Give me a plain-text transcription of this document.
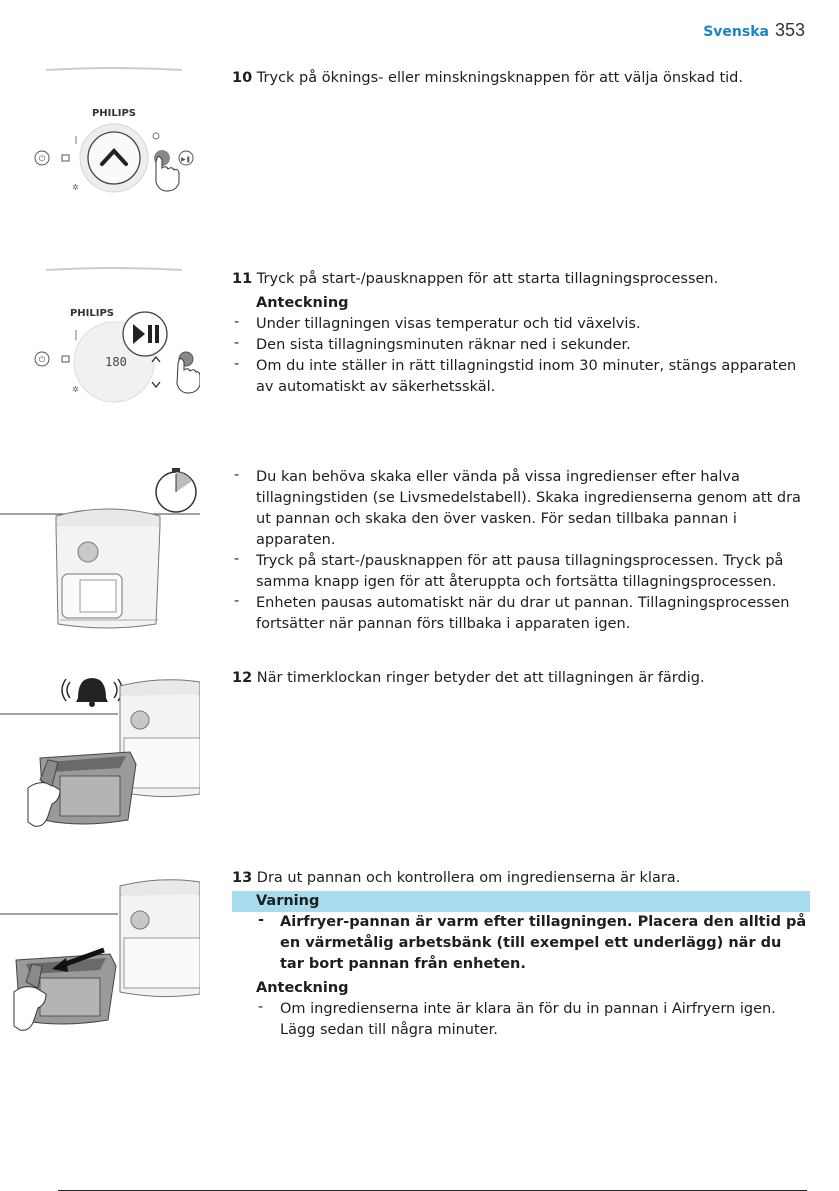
Svenska 353
PHILIPS
⏻	▶❚
✲
10 Tryck på öknings- eller minskningsknappen för att välja önskad tid.
PHILIPS
180
⏻
✲
11 Tryck på start-/pausknappen för att starta tillagningsprocessen.
Anteckning
- Under tillagningen visas temperatur och tid växelvis.
- Den sista tillagningsminuten räknar ned i sekunder.
- Om du inte ställer in rätt tillagningstid inom 30 minuter, stängs apparaten av automatiskt av säkerhetsskäl.
- Du kan behöva skaka eller vända på vissa ingredienser efter halva tillagningstiden (se Livsmedelstabell). Skaka ingredienserna genom att dra ut pannan och skaka den över vasken. För sedan tillbaka pannan i apparaten.
- Tryck på start-/pausknappen för att pausa tillagningsprocessen. Tryck på samma knapp igen för att återuppta och fortsätta tillagningsprocessen.
- Enheten pausas automatiskt när du drar ut pannan. Tillagningsprocessen fortsätter när pannan förs tillbaka i apparaten igen.
12 När timerklockan ringer betyder det att tillagningen är färdig.
13 Dra ut pannan och kontrollera om ingredienserna är klara.
Varning
- Airfryer-pannan är varm efter tillagningen. Placera den alltid på en värmetålig arbetsbänk (till exempel ett underlägg) när du tar bort pannan från enheten.
Anteckning
- Om ingredienserna inte är klara än för du in pannan i Airfryern igen. Lägg sedan till några minuter.
